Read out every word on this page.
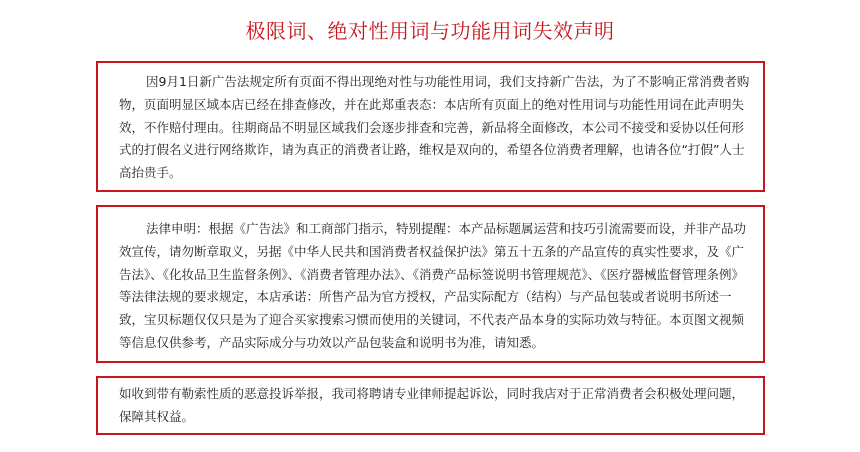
极限词、绝对性用词与功能用词失效声明

因9月1日新广告法规定所有页面不得出现绝对性与功能性用词，我们支持新广告法，为了不影响正常消费者购物，页面明显区域本店已经在排查修改，并在此郑重表态：本店所有页面上的绝对性用词与功能性用词在此声明失效，不作赔付理由。往期商品不明显区域我们会逐步排查和完善，新品将全面修改，本公司不接受和妥协以任何形式的打假名义进行网络欺诈，请为真正的消费者让路，维权是双向的，希望各位消费者理解，也请各位“打假”人士高抬贵手。

法律申明：根据《广告法》和工商部门指示，特别提醒：本产品标题属运营和技巧引流需要而设，并非产品功效宣传，请勿断章取义，另据《中华人民共和国消费者权益保护法》第五十五条的产品宣传的真实性要求，及《广告法》、《化妆品卫生监督条例》、《消费者管理办法》、《消费产品标签说明书管理规范》、《医疗器械监督管理条例》等法律法规的要求规定，本店承诺：所售产品为官方授权，产品实际配方（结构）与产品包装或者说明书所述一致，宝贝标题仅仅只是为了迎合买家搜索习惯而使用的关键词，不代表产品本身的实际功效与特征。本页图文视频等信息仅供参考，产品实际成分与功效以产品包装盒和说明书为准，请知悉。

如收到带有勒索性质的恶意投诉举报，我司将聘请专业律师提起诉讼，同时我店对于正常消费者会积极处理问题，保障其权益。
